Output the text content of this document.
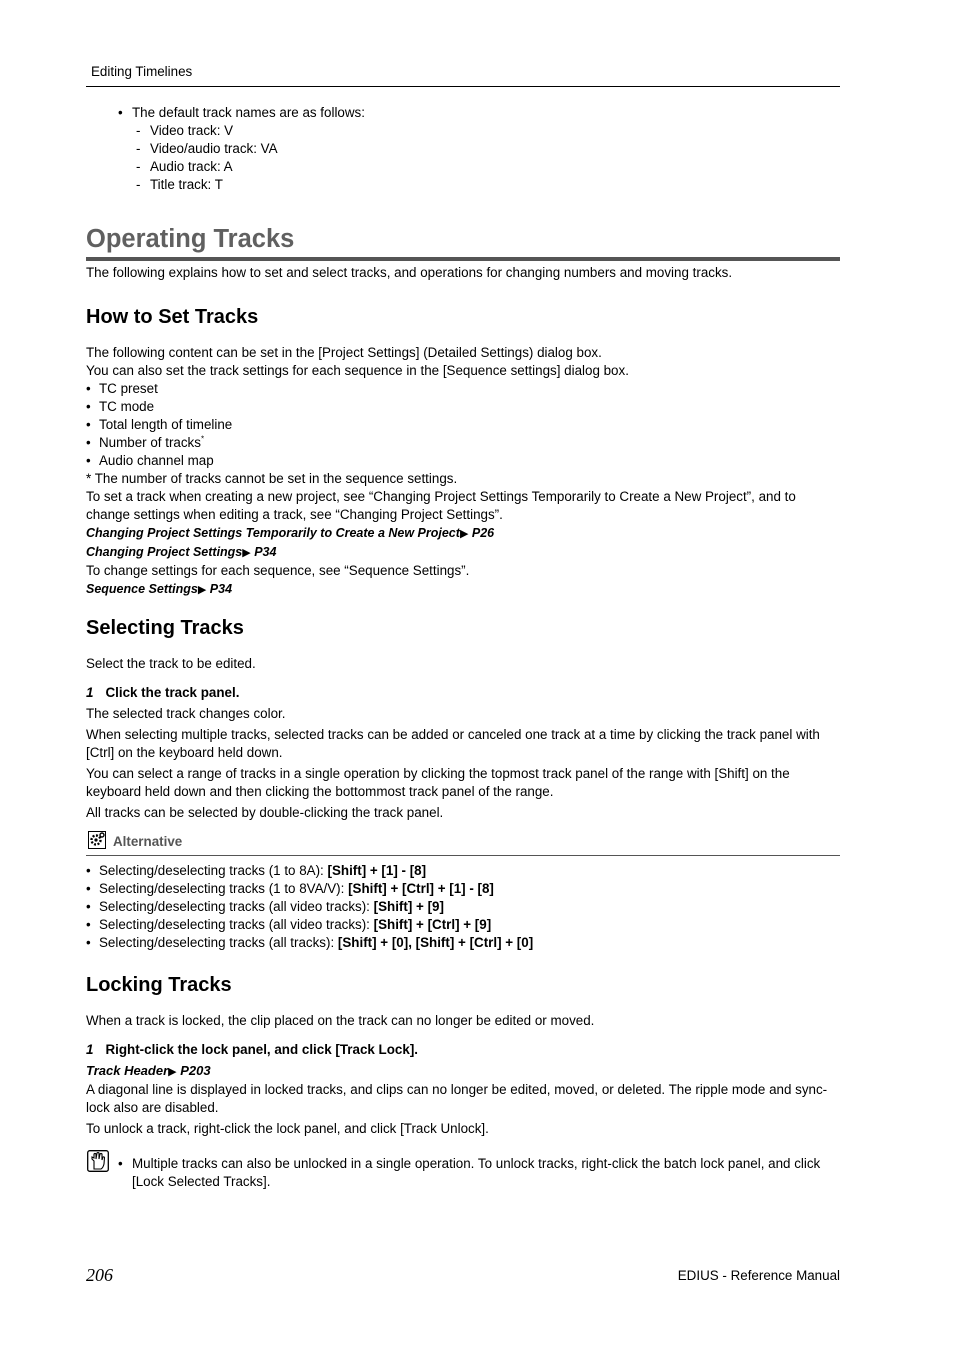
Editing Timelines
• The default track names are as follows:
- Video track: V
- Video/audio track: VA
- Audio track: A
- Title track: T
Operating Tracks
The following explains how to set and select tracks, and operations for changing numbers and moving tracks.
How to Set Tracks

The following content can be set in the [Project Settings] (Detailed Settings) dialog box.

You can also set the track settings for each sequence in the [Sequence settings] dialog box.

• TC preset
• TC mode
• Total length of timeline
• Number of tracks*
• Audio channel map

* The number of tracks cannot be set in the sequence settings.

To set a track when creating a new project, see “Changing Project Settings Temporarily to Create a New Project”, and to change settings when editing a track, see “Changing Project Settings”.

Changing Project Settings Temporarily to Create a New Project▶ P26
Changing Project Settings▶ P34

To change settings for each sequence, see “Sequence Settings”.

Sequence Settings▶ P34
Selecting Tracks

Select the track to be edited.

1 Click the track panel.

The selected track changes color.

When selecting multiple tracks, selected tracks can be added or canceled one track at a time by clicking the track panel with [Ctrl] on the keyboard held down.

You can select a range of tracks in a single operation by clicking the topmost track panel of the range with [Shift] on the keyboard held down and then clicking the bottommost track panel of the range.

All tracks can be selected by double-clicking the track panel.

Alternative
• Selecting/deselecting tracks (1 to 8A): [Shift] + [1] - [8]
• Selecting/deselecting tracks (1 to 8VA/V): [Shift] + [Ctrl] + [1] - [8]
• Selecting/deselecting tracks (all video tracks): [Shift] + [9]
• Selecting/deselecting tracks (all video tracks): [Shift] + [Ctrl] + [9]
• Selecting/deselecting tracks (all tracks): [Shift] + [0], [Shift] + [Ctrl] + [0]
Locking Tracks

When a track is locked, the clip placed on the track can no longer be edited or moved.

1 Right-click the lock panel, and click [Track Lock].
Track Header▶ P203

A diagonal line is displayed in locked tracks, and clips can no longer be edited, moved, or deleted. The ripple mode and sync-lock also are disabled.

To unlock a track, right-click the lock panel, and click [Track Unlock].

• Multiple tracks can also be unlocked in a single operation. To unlock tracks, right-click the batch lock panel, and click [Lock Selected Tracks].
206	EDIUS - Reference Manual
